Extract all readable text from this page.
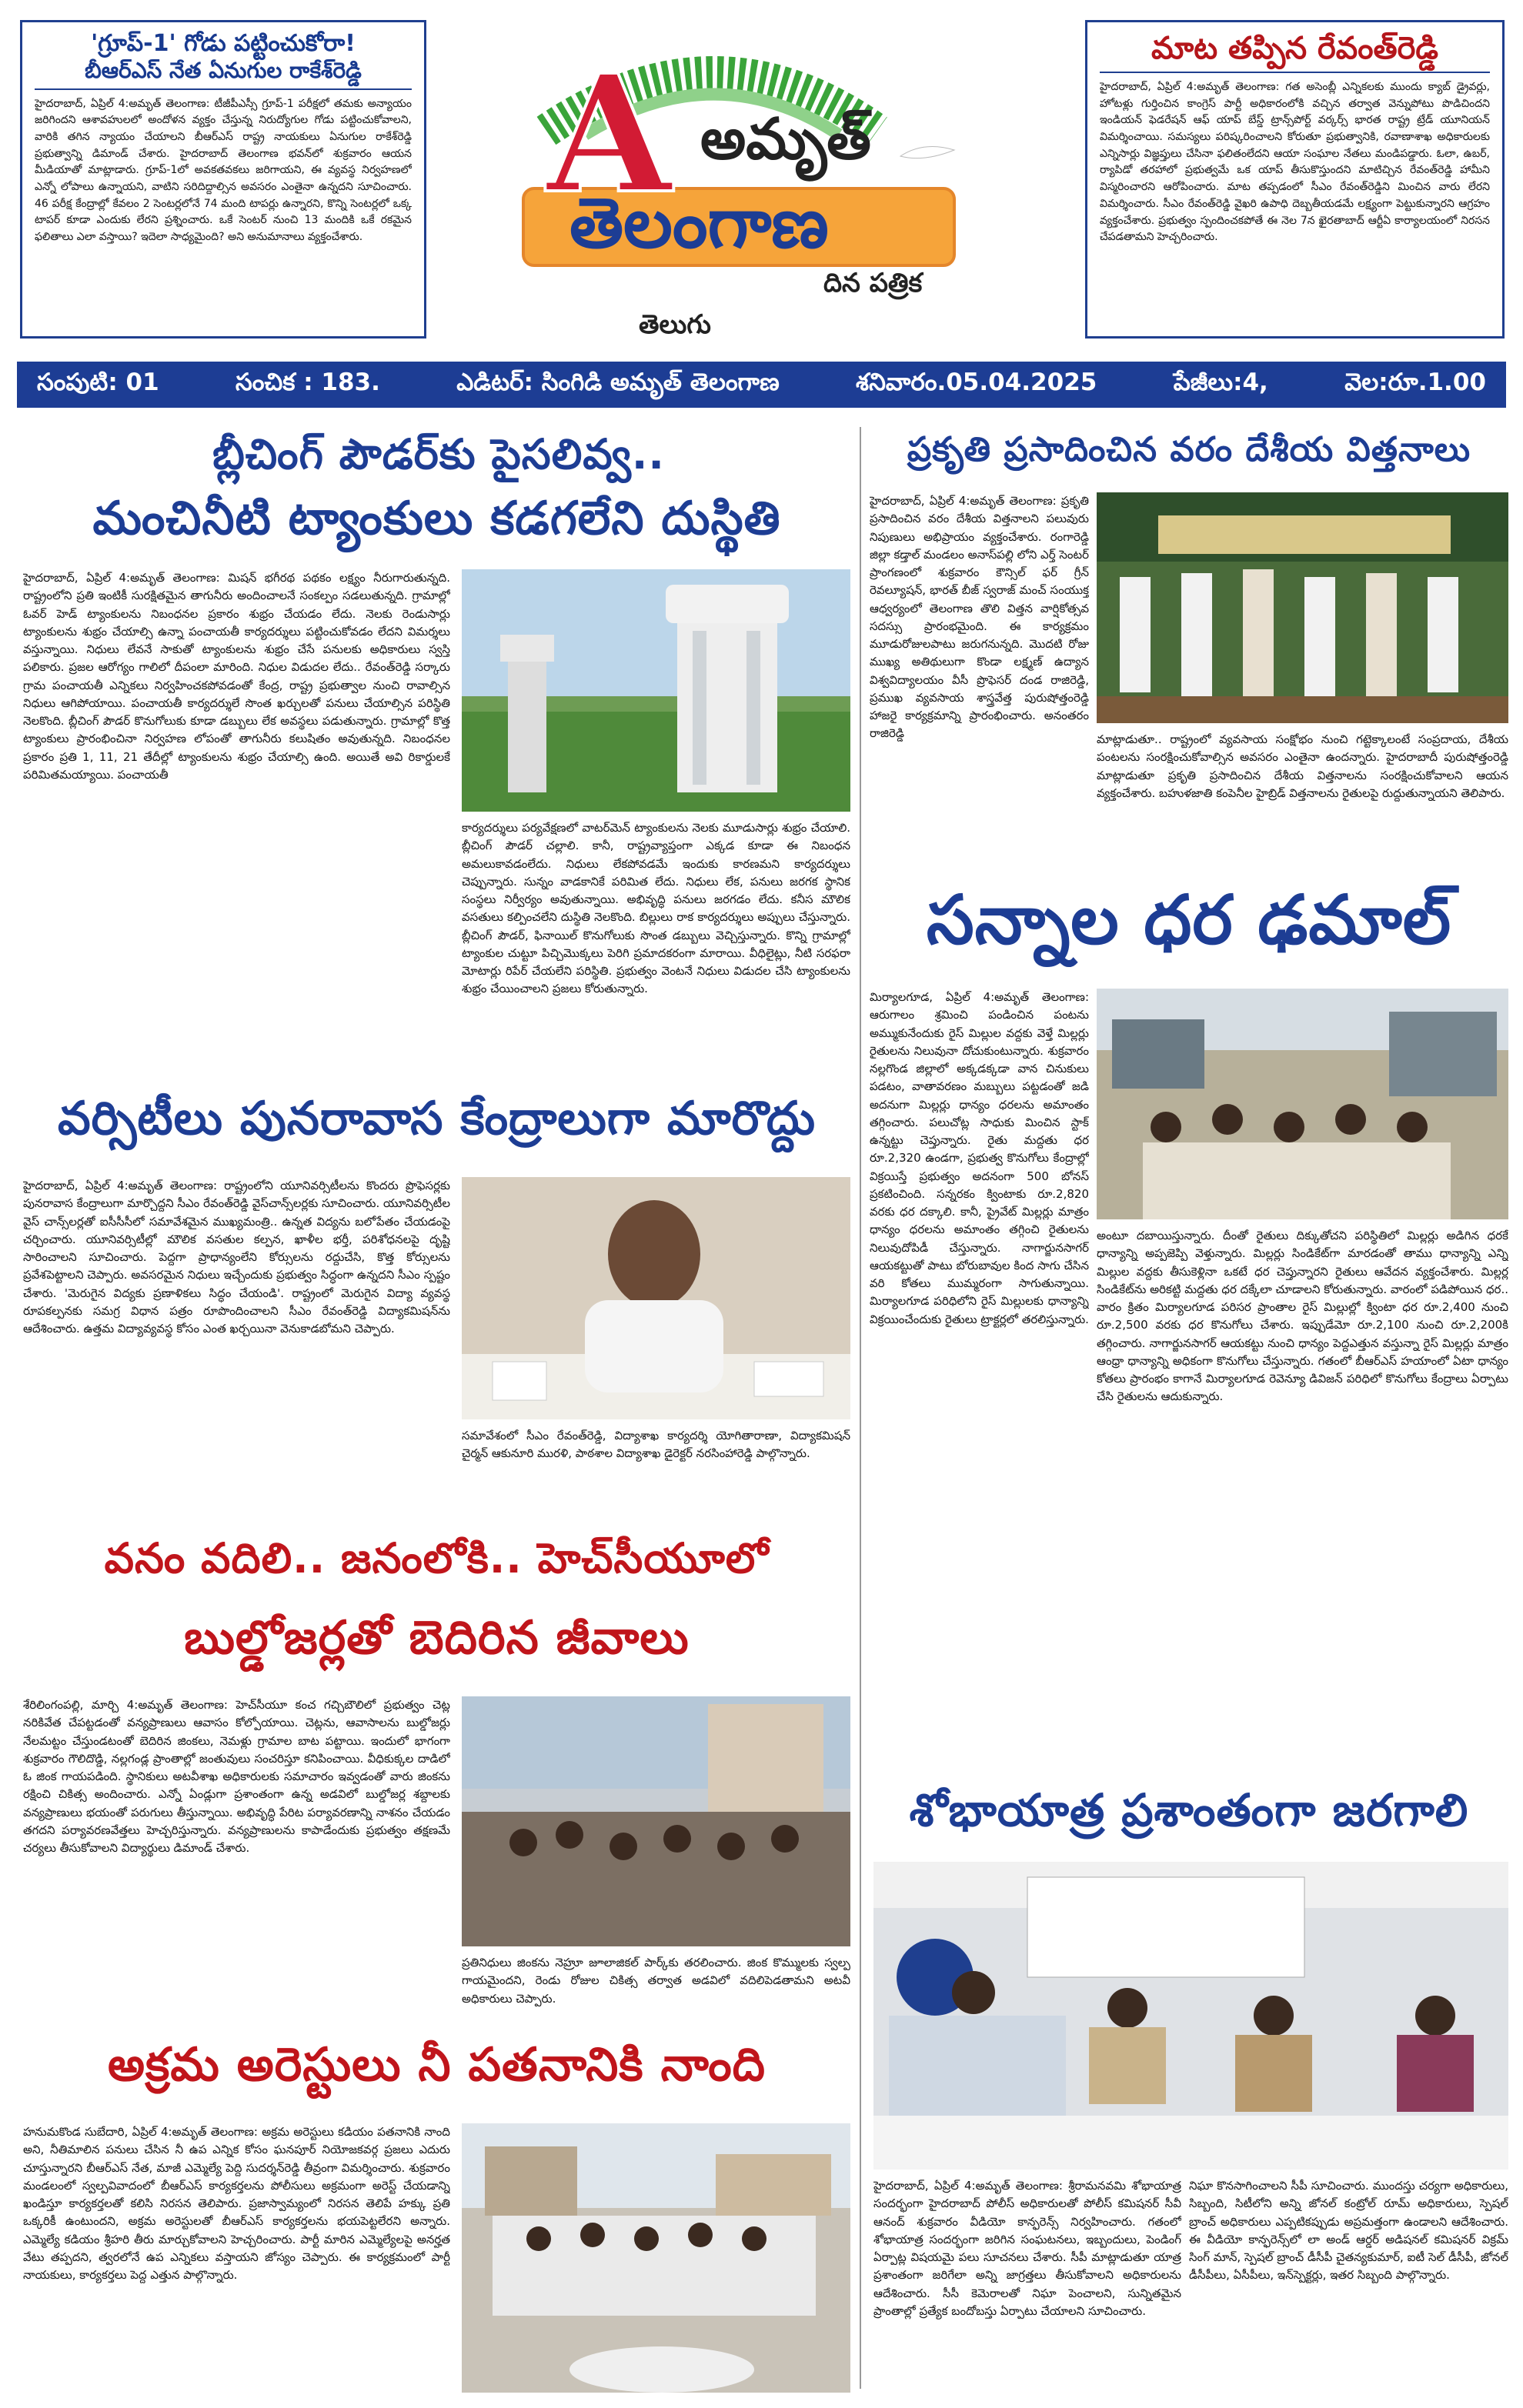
'గ్రూప్-1' గోడు పట్టించుకోరా!
బీఆర్ఎస్ నేత ఏనుగుల రాకేశ్‌రెడ్డి
హైదరాబాద్, ఏప్రిల్ 4:అమృత్ తెలంగాణ: టీజీపీఎస్సీ గ్రూప్-1 పరీక్షలో తమకు అన్యాయం జరిగిందని ఆశావహులలో అందోళన వ్యక్తం చేస్తున్న నిరుద్యోగుల గోడు పట్టించుకోవాలని, వారికి తగిన న్యాయం చేయాలని బీఆర్ఎస్ రాష్ట్ర నాయకులు ఏనుగుల రాకేశ్‌రెడ్డి ప్రభుత్వాన్ని డిమాండ్ చేశారు. హైదరాబాద్ తెలంగాణ భవన్‌లో శుక్రవారం ఆయన మీడియాతో మాట్లాడారు. గ్రూప్-1లో అవకతవకలు జరిగాయని, ఈ వ్యవస్థ నిర్వహణలో ఎన్నో లోపాలు ఉన్నాయని, వాటిని సరిదిద్దాల్సిన అవసరం ఎంతైనా ఉన్నదని సూచించారు. 46 పరీక్ష కేంద్రాల్లో కేవలం 2 సెంటర్లలోనే 74 మంది టాపర్లు ఉన్నారని, కొన్ని సెంటర్లలో ఒక్క టాపర్ కూడా ఎందుకు లేరని ప్రశ్నించారు. ఒకే సెంటర్ నుంచి 13 మందికి ఒకే రకమైన ఫలితాలు ఎలా వస్తాయి? ఇదెలా సాధ్యమైంది? అని అనుమానాలు వ్యక్తంచేశారు.
A అమృత్
తెలంగాణ
తెలుగు
దిన పత్రిక
మాట తప్పిన రేవంత్‌రెడ్డి
హైదరాబాద్, ఏప్రిల్ 4:అమృత్ తెలంగాణ: గత అసెంబ్లీ ఎన్నికలకు ముందు క్యాబ్ డ్రైవర్లు, హోటళ్లు గుర్తించిన కాంగ్రెస్ పార్టీ అధికారంలోకి వచ్చిన తర్వాత వెన్నుపోటు పొడిచిందని ఇండియన్ ఫెడరేషన్ ఆఫ్ యాప్ బేస్డ్ ట్రాన్స్‌పోర్ట్ వర్కర్స్ భారత రాష్ట్ర ట్రేడ్ యూనియన్ విమర్శించాయి. సమస్యలు పరిష్కరించాలని కోరుతూ ప్రభుత్వానికి, రవాణాశాఖ అధికారులకు ఎన్నిసార్లు విజ్ఞప్తులు చేసినా ఫలితంలేదని ఆయా సంఘాల నేతలు మండిపడ్డారు. ఓలా, ఉబర్, ర్యాపిడో తరహాలో ప్రభుత్వమే ఒక యాప్ తీసుకొస్తుందని మాటిచ్చిన రేవంత్‌రెడ్డి హామీని విస్మరించారని ఆరోపించారు. మాట తప్పడంలో సీఎం రేవంత్‌రెడ్డిని మించిన వారు లేరని విమర్శించారు. సీఎం రేవంత్‌రెడ్డి వైఖరి ఉపాధి దెబ్బతీయడమే లక్ష్యంగా పెట్టుకున్నారని ఆగ్రహం వ్యక్తంచేశారు. ప్రభుత్వం స్పందించకపోతే ఈ నెల 7న ఖైరతాబాద్ ఆర్టీఏ కార్యాలయంలో నిరసన చేపడతామని హెచ్చరించారు.
సంపుటి: 01	సంచిక : 183.	ఎడిటర్: సింగిడి అమృత్ తెలంగాణ	శనివారం.05.04.2025	పేజీలు:4,	వెల:రూ.1.00
బ్లీచింగ్ పౌడర్‌కు పైసలివ్వ..
మంచినీటి ట్యాంకులు కడగలేని దుస్థితి
హైదరాబాద్, ఏప్రిల్ 4:అమృత్ తెలంగాణ: మిషన్ భగీరథ పథకం లక్ష్యం నీరుగారుతున్నది. రాష్ట్రంలోని ప్రతి ఇంటికీ సురక్షితమైన తాగునీరు అందించాలనే సంకల్పం సడలుతున్నది. గ్రామాల్లో ఓవర్ హెడ్ ట్యాంకులను నిబంధనల ప్రకారం శుభ్రం చేయడం లేదు. నెలకు రెండుసార్లు ట్యాంకులను శుభ్రం చేయాల్సి ఉన్నా పంచాయతీ కార్యదర్శులు పట్టించుకోవడం లేదని విమర్శలు వస్తున్నాయి. నిధులు లేవనే సాకుతో ట్యాంకులను శుభ్రం చేసే పనులకు అధికారులు స్వస్తి పలికారు. ప్రజల ఆరోగ్యం గాలిలో దీపంలా మారింది. నిధుల విడుదల లేదు.. రేవంత్‌రెడ్డి సర్కారు గ్రామ పంచాయతీ ఎన్నికలు నిర్వహించకపోవడంతో కేంద్ర, రాష్ట్ర ప్రభుత్వాల నుంచి రావాల్సిన నిధులు ఆగిపోయాయి. పంచాయతీ కార్యదర్శులే సొంత ఖర్చులతో పనులు చేయాల్సిన పరిస్థితి నెలకొంది. బ్లీచింగ్ పౌడర్ కొనుగోలుకు కూడా డబ్బులు లేక అవస్థలు పడుతున్నారు. గ్రామాల్లో కొత్త ట్యాంకులు ప్రారంభించినా నిర్వహణ లోపంతో తాగునీరు కలుషితం అవుతున్నది. నిబంధనల ప్రకారం ప్రతి 1, 11, 21 తేదీల్లో ట్యాంకులను శుభ్రం చేయాల్సి ఉంది. అయితే అవి రికార్డులకే పరిమితమయ్యాయి. పంచాయతీ
కార్యదర్శులు పర్యవేక్షణలో వాటర్‌మెన్ ట్యాంకులను నెలకు మూడుసార్లు శుభ్రం చేయాలి. బ్లీచింగ్ పౌడర్ చల్లాలి. కానీ, రాష్ట్రవ్యాప్తంగా ఎక్కడ కూడా ఈ నిబంధన అమలుకావడంలేదు. నిధులు లేకపోవడమే ఇందుకు కారణమని కార్యదర్శులు చెప్పున్నారు. సున్నం వాడకానికే పరిమిత లేదు. నిధులు లేక, పనులు జరగక స్థానిక సంస్థలు నిర్వీర్యం అవుతున్నాయి. అభివృద్ధి పనులు జరగడం లేదు. కనీస మౌలిక వసతులు కల్పించలేని దుస్థితి నెలకొంది. బిల్లులు రాక కార్యదర్శులు అప్పులు చేస్తున్నారు. బ్లీచింగ్ పౌడర్, ఫినాయిల్ కొనుగోలుకు సొంత డబ్బులు వెచ్చిస్తున్నారు. కొన్ని గ్రామాల్లో ట్యాంకుల చుట్టూ పిచ్చిమొక్కలు పెరిగి ప్రమాదకరంగా మారాయి. వీధిలైట్లు, నీటి సరఫరా మోటార్లు రిపేర్ చేయలేని పరిస్థితి. ప్రభుత్వం వెంటనే నిధులు విడుదల చేసి ట్యాంకులను శుభ్రం చేయించాలని ప్రజలు కోరుతున్నారు.
వర్సిటీలు పునరావాస కేంద్రాలుగా మారొద్దు
హైదరాబాద్, ఏప్రిల్ 4:అమృత్ తెలంగాణ: రాష్ట్రంలోని యూనివర్సిటీలను కొందరు ప్రొఫెసర్లకు పునరావాస కేంద్రాలుగా మార్చొద్దని సీఎం రేవంత్‌రెడ్డి వైస్‌చాన్స్‌లర్లకు సూచించారు. యూనివర్సిటీల వైస్ చాన్స్‌లర్లతో ఐసీసీసీలో సమావేశమైన ముఖ్యమంత్రి.. ఉన్నత విద్యను బలోపేతం చేయడంపై చర్చించారు. యూనివర్సిటీల్లో మౌలిక వసతుల కల్పన, ఖాళీల భర్తీ, పరిశోధనలపై దృష్టి సారించాలని సూచించారు. పెద్దగా ప్రాధాన్యంలేని కోర్సులను రద్దుచేసి, కొత్త కోర్సులను ప్రవేశపెట్టాలని చెప్పారు. అవసరమైన నిధులు ఇచ్చేందుకు ప్రభుత్వం సిద్ధంగా ఉన్నదని సీఎం స్పష్టం చేశారు. 'మెరుగైన విద్యకు ప్రణాళికలు సిద్ధం చేయండి'. రాష్ట్రంలో మెరుగైన విద్యా వ్యవస్థ రూపకల్పనకు సమగ్ర విధాన పత్రం రూపొందించాలని సీఎం రేవంత్‌రెడ్డి విద్యాకమిషన్‌ను ఆదేశించారు. ఉత్తమ విద్యావ్యవస్థ కోసం ఎంత ఖర్చయినా వెనుకాడబోమని చెప్పారు.
సమావేశంలో సీఎం రేవంత్‌రెడ్డి, విద్యాశాఖ కార్యదర్శి యోగితారాణా, విద్యాకమిషన్ చైర్మన్ ఆకునూరి మురళి, పాఠశాల విద్యాశాఖ డైరెక్టర్ నరసింహారెడ్డి పాల్గొన్నారు.
వనం వదిలి.. జనంలోకి.. హెచ్‌సీయూలో
బుల్డోజర్లతో బెదిరిన జీవాలు
శేరిలింగంపల్లి, మార్చి 4:అమృత్ తెలంగాణ: హెచ్‌సీయూ కంచ గచ్చిబౌలిలో ప్రభుత్వం చెట్ల నరికివేత చేపట్టడంతో వన్యప్రాణులు ఆవాసం కోల్పోయాయి. చెట్లను, ఆవాసాలను బుల్డోజర్లు నేలమట్టం చేస్తుండటంతో బెదిరిన జింకలు, నెమళ్లు గ్రామాల బాట పట్టాయి. ఇందులో భాగంగా శుక్రవారం గౌలిదొడ్డి, నల్లగండ్ల ప్రాంతాల్లో జంతువులు సంచరిస్తూ కనిపించాయి. వీధికుక్కల దాడిలో ఓ జింక గాయపడింది. స్థానికులు అటవీశాఖ అధికారులకు సమాచారం ఇవ్వడంతో వారు జింకను రక్షించి చికిత్స అందించారు. ఎన్నో ఏండ్లుగా ప్రశాంతంగా ఉన్న అడవిలో బుల్డోజర్ల శబ్దాలకు వన్యప్రాణులు భయంతో పరుగులు తీస్తున్నాయి. అభివృద్ధి పేరిట పర్యావరణాన్ని నాశనం చేయడం తగదని పర్యావరణవేత్తలు హెచ్చరిస్తున్నారు. వన్యప్రాణులను కాపాడేందుకు ప్రభుత్వం తక్షణమే చర్యలు తీసుకోవాలని విద్యార్థులు డిమాండ్ చేశారు.
ప్రతినిధులు జింకను నెహ్రూ జూలాజికల్ పార్క్‌కు తరలించారు. జింక కొమ్ములకు స్వల్ప గాయమైందని, రెండు రోజుల చికిత్స తర్వాత అడవిలో వదిలిపెడతామని అటవీ అధికారులు చెప్పారు.
అక్రమ అరెస్టులు నీ పతనానికి నాంది
హనుమకొండ సుబేదారి, ఏప్రిల్ 4:అమృత్ తెలంగాణ: అక్రమ అరెస్టులు కడియం పతనానికి నాంది అని, నీతిమాలిన పనులు చేసిన నీ ఉప ఎన్నిక కోసం ఘనపూర్ నియోజకవర్గ ప్రజలు ఎదురు చూస్తున్నారని బీఆర్ఎస్ నేత, మాజీ ఎమ్మెల్యే పెద్ది సుదర్శన్‌రెడ్డి తీవ్రంగా విమర్శించారు. శుక్రవారం మండలంలో స్వల్పవివాదంలో బీఆర్ఎస్ కార్యకర్తలను పోలీసులు అక్రమంగా అరెస్ట్ చేయడాన్ని ఖండిస్తూ కార్యకర్తలతో కలిసి నిరసన తెలిపారు. ప్రజాస్వామ్యంలో నిరసన తెలిపే హక్కు ప్రతి ఒక్కరికీ ఉంటుందని, అక్రమ అరెస్టులతో బీఆర్ఎస్ కార్యకర్తలను భయపెట్టలేరని అన్నారు. ఎమ్మెల్యే కడియం శ్రీహరి తీరు మార్చుకోవాలని హెచ్చరించారు. పార్టీ మారిన ఎమ్మెల్యేలపై అనర్హత వేటు తప్పదని, త్వరలోనే ఉప ఎన్నికలు వస్తాయని జోస్యం చెప్పారు. ఈ కార్యక్రమంలో పార్టీ నాయకులు, కార్యకర్తలు పెద్ద ఎత్తున పాల్గొన్నారు.
ప్రకృతి ప్రసాదించిన వరం దేశీయ విత్తనాలు
హైదరాబాద్, ఏప్రిల్ 4:అమృత్ తెలంగాణ: ప్రకృతి ప్రసాదించిన వరం దేశీయ విత్తనాలని పలువురు నిపుణులు అభిప్రాయం వ్యక్తంచేశారు. రంగారెడ్డి జిల్లా కడ్తాల్ మండలం అనాస్‌పల్లి లోని ఎర్త్ సెంటర్ ప్రాంగణంలో శుక్రవారం కౌన్సిల్ ఫర్ గ్రీన్ రెవల్యూషన్, భారత్ బీజ్ స్వరాజ్ మంచ్ సంయుక్త ఆధ్వర్యంలో తెలంగాణ తొలి విత్తన వార్షికోత్సవ సదస్సు ప్రారంభమైంది. ఈ కార్యక్రమం మూడురోజులపాటు జరుగనున్నది. మొదటి రోజు ముఖ్య అతిథులుగా కొండా లక్ష్మణ్ ఉద్యాన విశ్వవిద్యాలయం వీసీ ప్రొఫెసర్ దండ రాజిరెడ్డి, ప్రముఖ వ్యవసాయ శాస్త్రవేత్త పురుషోత్తంరెడ్డి హాజరై కార్యక్రమాన్ని ప్రారంభించారు. అనంతరం రాజిరెడ్డి	మాట్లాడుతూ.. రాష్ట్రంలో వ్యవసాయ సంక్షోభం నుంచి గట్టెక్కాలంటే సంప్రదాయ, దేశీయ పంటలను సంరక్షించుకోవాల్సిన అవసరం ఎంతైనా ఉందన్నారు. హైదరాబాదీ పురుషోత్తంరెడ్డి మాట్లాడుతూ ప్రకృతి ప్రసాదించిన దేశీయ విత్తనాలను సంరక్షించుకోవాలని ఆయన వ్యక్తంచేశారు. బహుళజాతి కంపెనీల హైబ్రిడ్ విత్తనాలను రైతులపై రుద్దుతున్నాయని తెలిపారు.
సన్నాల ధర ఢమాల్
మిర్యాలగూడ, ఏప్రిల్ 4:అమృత్ తెలంగాణ: ఆరుగాలం శ్రమించి పండించిన పంటను అమ్ముకునేందుకు రైస్ మిల్లుల వద్దకు వెళ్తే మిల్లర్లు రైతులను నిలువునా దోచుకుంటున్నారు. శుక్రవారం నల్లగొండ జిల్లాలో అక్కడక్కడా వాన చినుకులు పడటం, వాతావరణం మబ్బులు పట్టడంతో జడి అదనుగా మిల్లర్లు ధాన్యం ధరలను అమాంతం తగ్గించారు. పలుచోట్ల సాధుకు మించిన స్టాక్ ఉన్నట్టు చెప్తున్నారు. రైతు మద్దతు ధర రూ.2,320 ఉండగా, ప్రభుత్వ కొనుగోలు కేంద్రాల్లో విక్రయిస్తే ప్రభుత్వం అదనంగా 500 బోనస్ ప్రకటించింది. సన్నరకం క్వింటాకు రూ.2,820 వరకు ధర దక్కాలి. కానీ, ప్రైవేట్ మిల్లర్లు మాత్రం ధాన్యం ధరలను అమాంతం తగ్గించి రైతులను నిలువుదోపిడీ చేస్తున్నారు. నాగార్జునసాగర్ ఆయకట్టుతో పాటు బోరుబావుల కింద సాగు చేసిన వరి కోతలు ముమ్మరంగా సాగుతున్నాయి. మిర్యాలగూడ పరిధిలోని రైస్ మిల్లులకు ధాన్యాన్ని విక్రయించేందుకు రైతులు ట్రాక్టర్లలో తరలిస్తున్నారు.
అంటూ దబాయిస్తున్నారు. దీంతో రైతులు దిక్కుతోచని పరిస్థితిలో మిల్లర్లు అడిగిన ధరకే ధాన్యాన్ని అప్పజెప్పి వెళ్తున్నారు. మిల్లర్లు సిండికేట్‌గా మారడంతో తాము ధాన్యాన్ని ఎన్ని మిల్లుల వద్దకు తీసుకెళ్లినా ఒకటే ధర చెప్తున్నారని రైతులు ఆవేదన వ్యక్తంచేశారు. మిల్లర్ల సిండికేట్‌ను అరికట్టి మద్దతు ధర దక్కేలా చూడాలని కోరుతున్నారు. వారంలో పడిపోయిన ధర.. వారం క్రితం మిర్యాలగూడ పరిసర ప్రాంతాల రైస్ మిల్లుల్లో క్వింటా ధర రూ.2,400 నుంచి రూ.2,500 వరకు ధర కొనుగోలు చేశారు. ఇప్పుడేమో రూ.2,100 నుంచి రూ.2,200కి తగ్గించారు. నాగార్జునసాగర్ ఆయకట్టు నుంచి ధాన్యం పెద్దఎత్తున వస్తున్నా రైస్ మిల్లర్లు మాత్రం ఆంధ్రా ధాన్యాన్ని అధికంగా కొనుగోలు చేస్తున్నారు. గతంలో బీఆర్ఎస్ హయాంలో ఏటా ధాన్యం కోతలు ప్రారంభం కాగానే మిర్యాలగూడ రెవెన్యూ డివిజన్ పరిధిలో కొనుగోలు కేంద్రాలు ఏర్పాటు చేసి రైతులను ఆదుకున్నారు.
శోభాయాత్ర ప్రశాంతంగా జరగాలి
హైదరాబాద్, ఏప్రిల్ 4:అమృత్ తెలంగాణ: శ్రీరామనవమి శోభాయాత్ర సందర్భంగా హైదరాబాద్ పోలీస్ అధికారులతో పోలీస్ కమిషనర్ సీవీ ఆనంద్ శుక్రవారం వీడియో కాన్ఫరెన్స్ నిర్వహించారు. గతంలో శోభాయాత్ర సందర్భంగా జరిగిన సంఘటనలు, ఇబ్బందులు, పెండింగ్ ఏర్పాట్ల విషయమై పలు సూచనలు చేశారు. సీపీ మాట్లాడుతూ యాత్ర ప్రశాంతంగా జరిగేలా అన్ని జాగ్రత్తలు తీసుకోవాలని అధికారులను ఆదేశించారు. సీసీ కెమెరాలతో నిఘా పెంచాలని, సున్నితమైన ప్రాంతాల్లో ప్రత్యేక బందోబస్తు ఏర్పాటు చేయాలని సూచించారు.
నిఘా కొనసాగించాలని సీపీ సూచించారు. ముందస్తు చర్యగా అధికారులు, సిబ్బంది, సిటీలోని అన్ని జోనల్ కంట్రోల్ రూమ్ అధికారులు, స్పెషల్ బ్రాంచ్ అధికారులు ఎప్పటికప్పుడు అప్రమత్తంగా ఉండాలని ఆదేశించారు. ఈ వీడియో కాన్ఫరెన్స్‌లో లా అండ్ ఆర్డర్ అడిషనల్ కమిషనర్ విక్రమ్ సింగ్ మాన్, స్పెషల్ బ్రాంచ్ డీసీపీ చైతన్యకుమార్, ఐటీ సెల్ డీసీపీ, జోనల్ డీసీపీలు, ఏసీపీలు, ఇన్‌స్పెక్టర్లు, ఇతర సిబ్బంది పాల్గొన్నారు.
